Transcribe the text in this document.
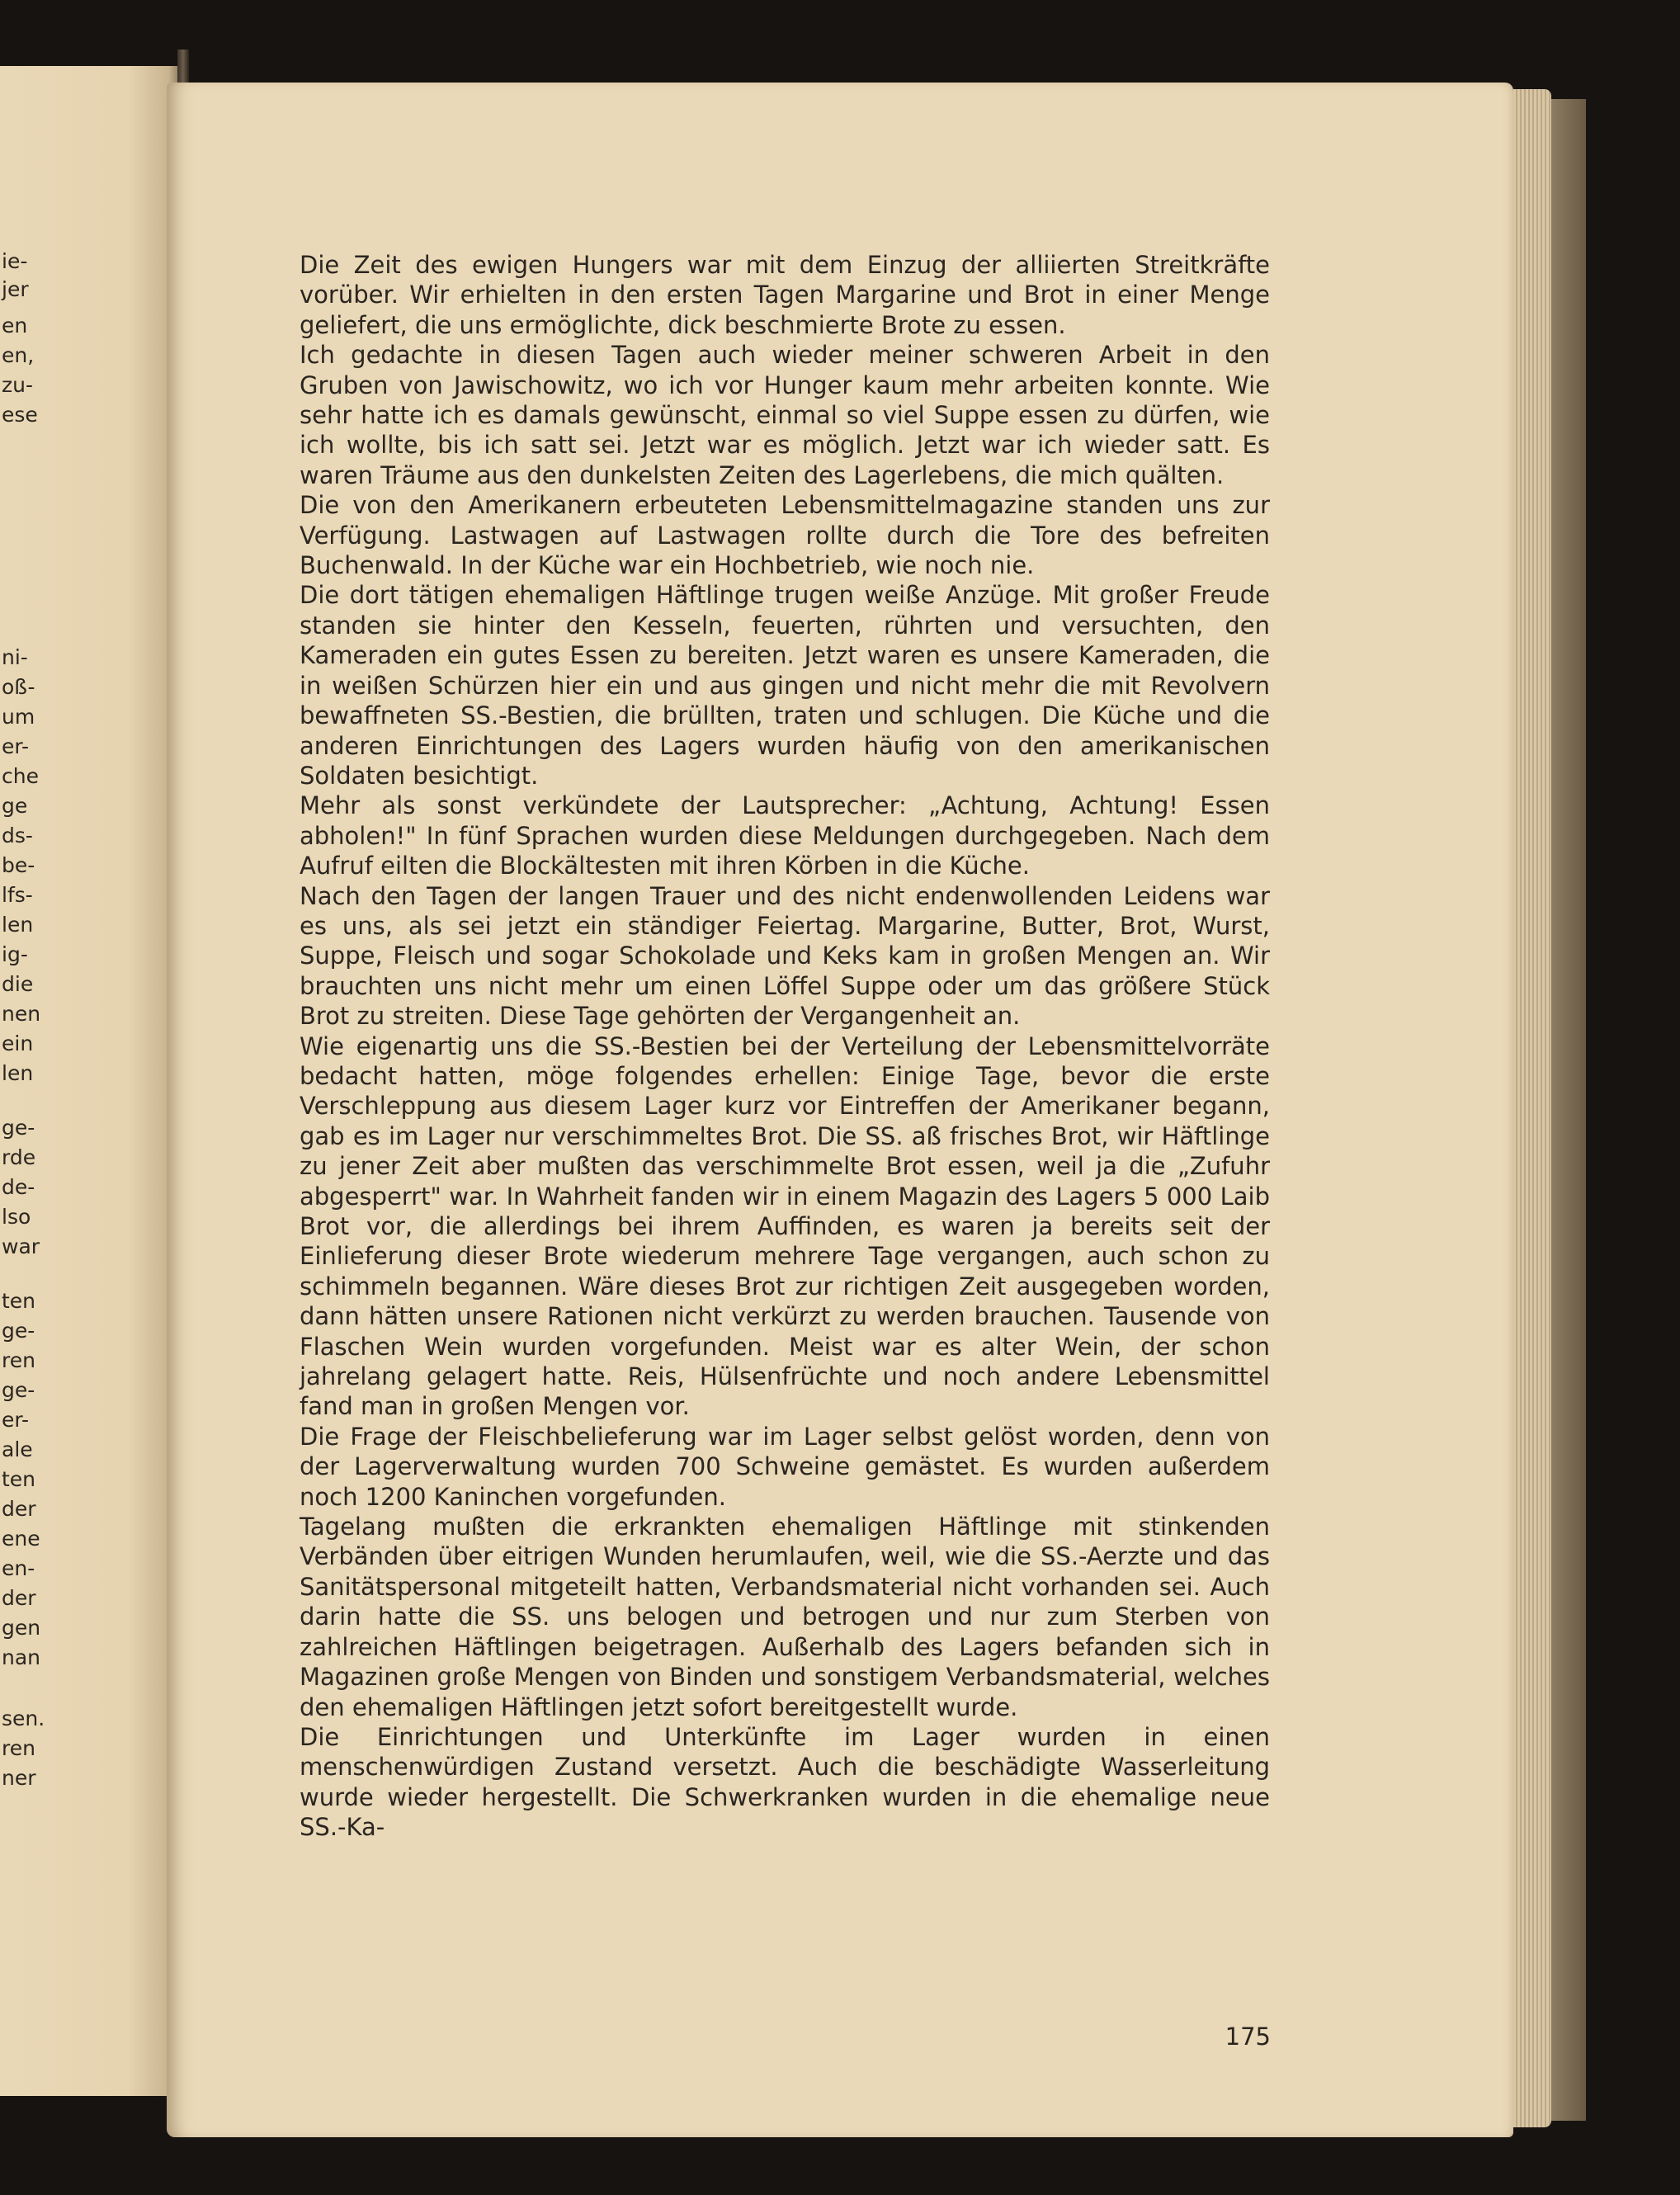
ie-
jer
en
en,
zu-
ese
ni-
oß-
um
er-
che
ge
ds-
be-
lfs-
len
ig-
die
nen
ein
len
ge-
rde
de-
lso
war
ten
ge-
ren
ge-
er-
ale
ten
der
ene
en-
der
gen
nan
sen.
ren
ner

Die Zeit des ewigen Hungers war mit dem Einzug der alliierten Streitkräfte vorüber. Wir erhielten in den ersten Tagen Margarine und Brot in einer Menge geliefert, die uns ermöglichte, dick beschmierte Brote zu essen.

Ich gedachte in diesen Tagen auch wieder meiner schweren Arbeit in den Gruben von Jawischowitz, wo ich vor Hunger kaum mehr arbeiten konnte. Wie sehr hatte ich es damals gewünscht, einmal so viel Suppe essen zu dürfen, wie ich wollte, bis ich satt sei. Jetzt war es möglich. Jetzt war ich wieder satt. Es waren Träume aus den dunkelsten Zeiten des Lagerlebens, die mich quälten.

Die von den Amerikanern erbeuteten Lebensmittelmagazine standen uns zur Verfügung. Lastwagen auf Lastwagen rollte durch die Tore des befreiten Buchenwald. In der Küche war ein Hochbetrieb, wie noch nie.

Die dort tätigen ehemaligen Häftlinge trugen weiße Anzüge. Mit großer Freude standen sie hinter den Kesseln, feuerten, rührten und versuchten, den Kameraden ein gutes Essen zu bereiten. Jetzt waren es unsere Kameraden, die in weißen Schürzen hier ein und aus gingen und nicht mehr die mit Revolvern bewaffneten SS.-Bestien, die brüllten, traten und schlugen. Die Küche und die anderen Einrichtungen des Lagers wurden häufig von den amerikanischen Soldaten besichtigt.

Mehr als sonst verkündete der Lautsprecher: „Achtung, Achtung! Essen abholen!" In fünf Sprachen wurden diese Meldungen durchgegeben. Nach dem Aufruf eilten die Blockältesten mit ihren Körben in die Küche.

Nach den Tagen der langen Trauer und des nicht endenwollenden Leidens war es uns, als sei jetzt ein ständiger Feiertag. Margarine, Butter, Brot, Wurst, Suppe, Fleisch und sogar Schokolade und Keks kam in großen Mengen an. Wir brauchten uns nicht mehr um einen Löffel Suppe oder um das größere Stück Brot zu streiten. Diese Tage gehörten der Vergangenheit an.

Wie eigenartig uns die SS.-Bestien bei der Verteilung der Lebensmittelvorräte bedacht hatten, möge folgendes erhellen: Einige Tage, bevor die erste Verschleppung aus diesem Lager kurz vor Eintreffen der Amerikaner begann, gab es im Lager nur verschimmeltes Brot. Die SS. aß frisches Brot, wir Häftlinge zu jener Zeit aber mußten das verschimmelte Brot essen, weil ja die „Zufuhr abgesperrt" war. In Wahrheit fanden wir in einem Magazin des Lagers 5 000 Laib Brot vor, die allerdings bei ihrem Auffinden, es waren ja bereits seit der Einlieferung dieser Brote wiederum mehrere Tage vergangen, auch schon zu schimmeln begannen. Wäre dieses Brot zur richtigen Zeit ausgegeben worden, dann hätten unsere Rationen nicht verkürzt zu werden brauchen. Tausende von Flaschen Wein wurden vorgefunden. Meist war es alter Wein, der schon jahrelang gelagert hatte. Reis, Hülsenfrüchte und noch andere Lebensmittel fand man in großen Mengen vor.

Die Frage der Fleischbelieferung war im Lager selbst gelöst worden, denn von der Lagerverwaltung wurden 700 Schweine gemästet. Es wurden außerdem noch 1200 Kaninchen vorgefunden.

Tagelang mußten die erkrankten ehemaligen Häftlinge mit stinkenden Verbänden über eitrigen Wunden herumlaufen, weil, wie die SS.-Aerzte und das Sanitätspersonal mitgeteilt hatten, Verbandsmaterial nicht vorhanden sei. Auch darin hatte die SS. uns belogen und betrogen und nur zum Sterben von zahlreichen Häftlingen beigetragen. Außerhalb des Lagers befanden sich in Magazinen große Mengen von Binden und sonstigem Verbandsmaterial, welches den ehemaligen Häftlingen jetzt sofort bereitgestellt wurde.

Die Einrichtungen und Unterkünfte im Lager wurden in einen menschenwürdigen Zustand versetzt. Auch die beschädigte Wasserleitung wurde wieder hergestellt. Die Schwerkranken wurden in die ehemalige neue SS.-Ka-

175
